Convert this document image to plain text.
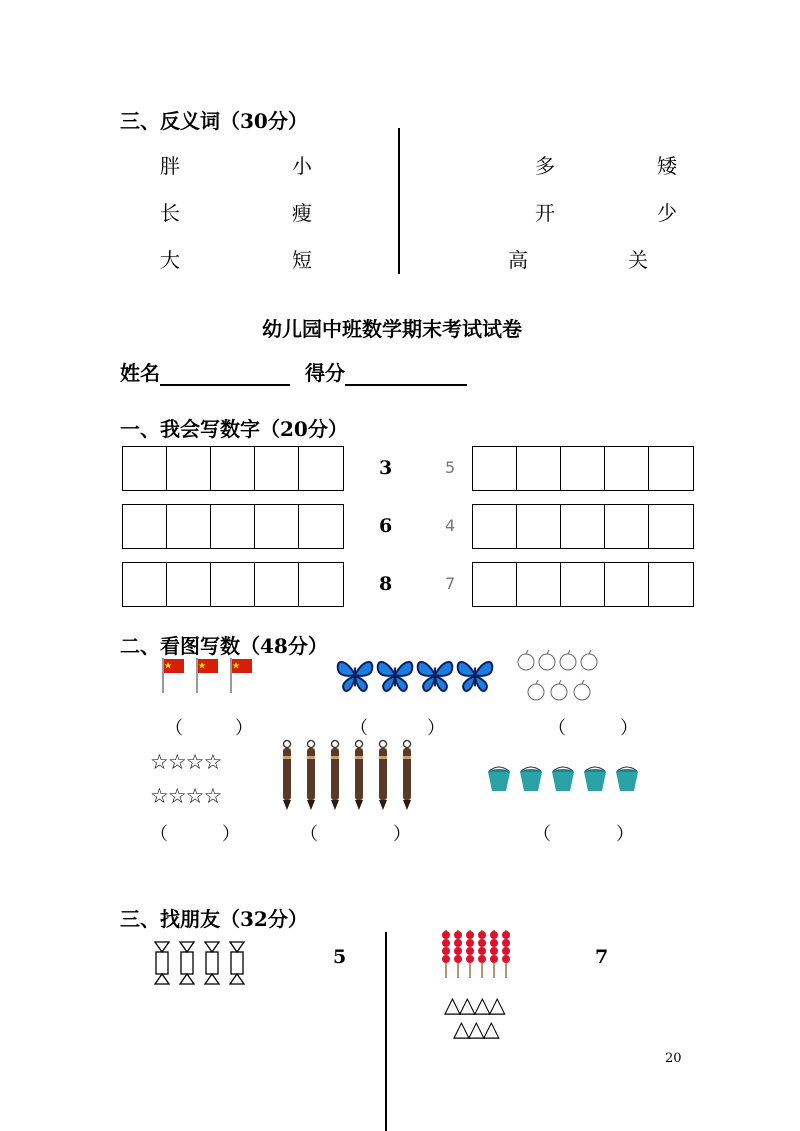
三、反义词（30分）
胖	小	多	矮
长	瘦	开	少
大	短	高	关
幼儿园中班数学期末考试试卷
姓名	得分
一、我会写数字（20分）
3	5
6	4
8	7
二、看图写数（48分）
（	）	（	）	（	）
☆☆☆☆
☆☆☆☆
（	）	（	）	（	）
三、找朋友（32分）
5	7
△△△△
△△△
20
